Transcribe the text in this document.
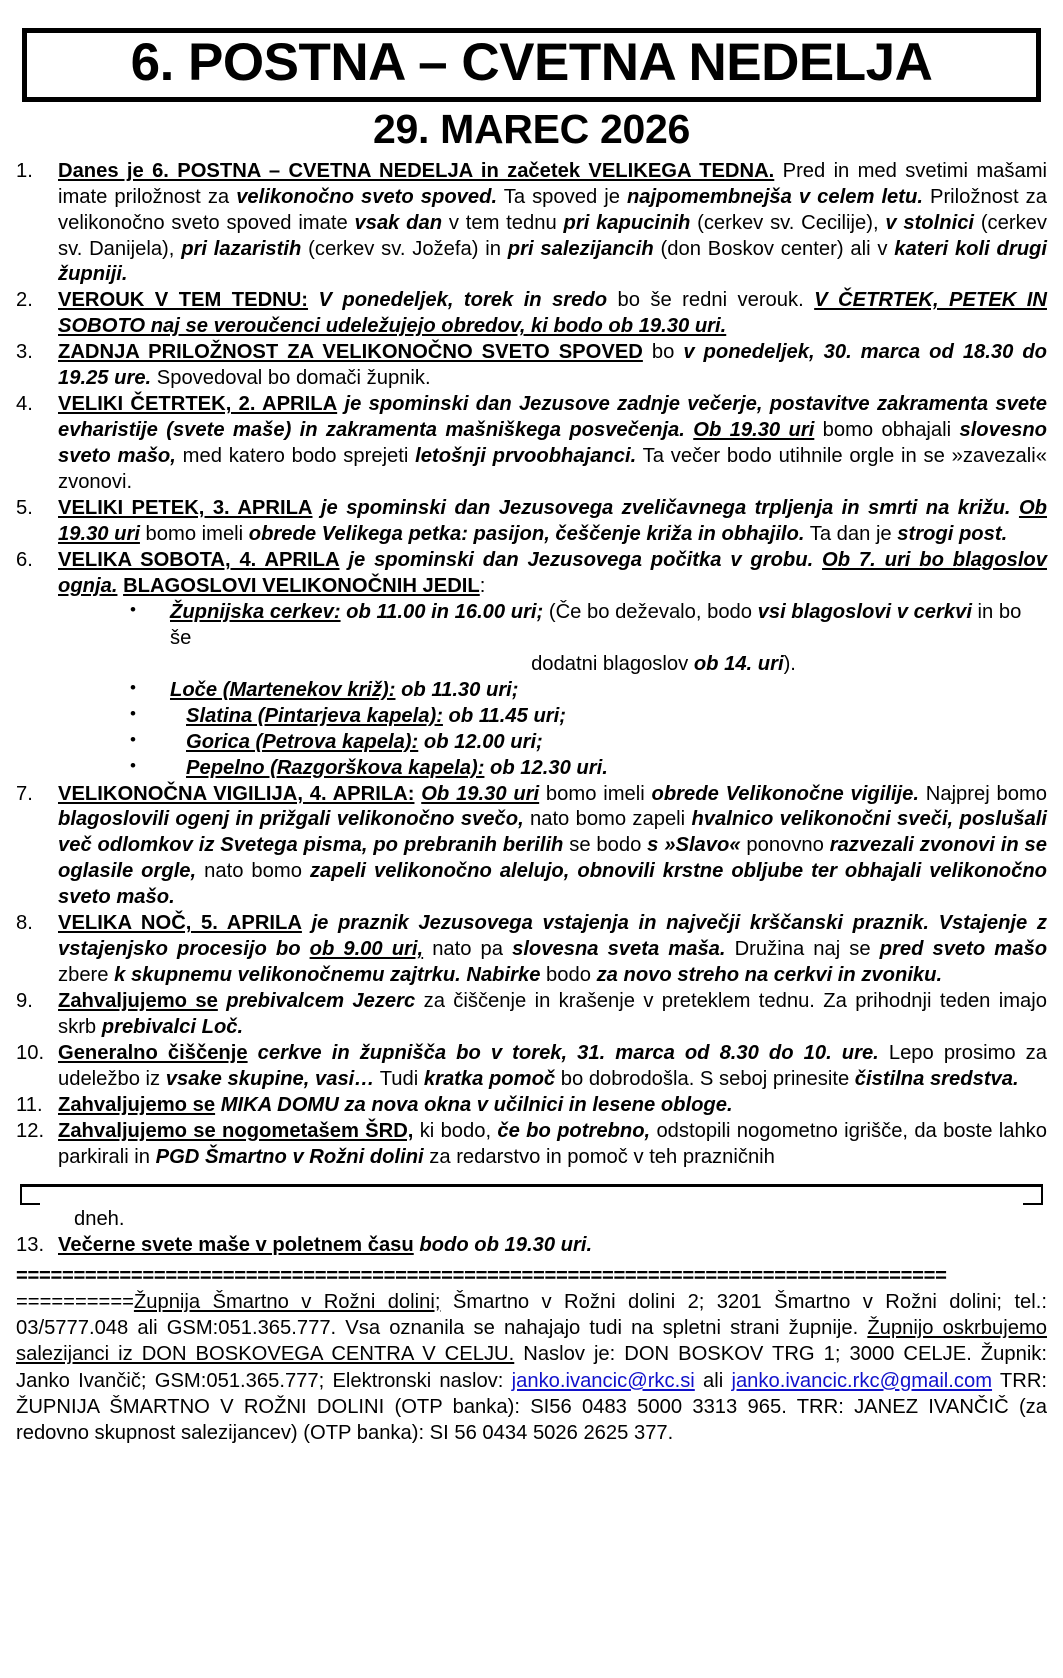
6. POSTNA – CVETNA NEDELJA
29. MAREC 2026
1.	Danes je 6. POSTNA – CVETNA NEDELJA in začetek VELIKEGA TEDNA. Pred in med svetimi mašami imate priložnost za velikonočno sveto spoved. Ta spoved je najpomembnejša v celem letu. Priložnost za velikonočno sveto spoved imate vsak dan v tem tednu pri kapucinih (cerkev sv. Cecilije), v stolnici (cerkev sv. Danijela), pri lazaristih (cerkev sv. Jožefa) in pri salezijancih (don Boskov center) ali v kateri koli drugi župniji.
2.	VEROUK V TEM TEDNU: V ponedeljek, torek in sredo bo še redni verouk. V ČETRTEK, PETEK IN SOBOTO naj se veroučenci udeležujejo obredov, ki bodo ob 19.30 uri.
3.	ZADNJA PRILOŽNOST ZA VELIKONOČNO SVETO SPOVED bo v ponedeljek, 30. marca od 18.30 do 19.25 ure. Spovedoval bo domači župnik.
4.	VELIKI ČETRTEK, 2. APRILA je spominski dan Jezusove zadnje večerje, postavitve zakramenta svete evharistije (svete maše) in zakramenta mašniškega posvečenja. Ob 19.30 uri bomo obhajali slovesno sveto mašo, med katero bodo sprejeti letošnji prvoobhajanci. Ta večer bodo utihnile orgle in se »zavezali« zvonovi.
5.	VELIKI PETEK, 3. APRILA je spominski dan Jezusovega zveličavnega trpljenja in smrti na križu. Ob 19.30 uri bomo imeli obrede Velikega petka: pasijon, češčenje križa in obhajilo. Ta dan je strogi post.
6.	VELIKA SOBOTA, 4. APRILA je spominski dan Jezusovega počitka v grobu. Ob 7. uri bo blagoslov ognja. BLAGOSLOVI VELIKONOČNIH JEDIL:
• Župnijska cerkev: ob 11.00 in 16.00 uri; (Če bo deževalo, bodo vsi blagoslovi v cerkvi in bo še
dodatni blagoslov ob 14. uri).
• Loče (Martenekov križ): ob 11.30 uri;
• Slatina (Pintarjeva kapela): ob 11.45 uri;
• Gorica (Petrova kapela): ob 12.00 uri;
• Pepelno (Razgorškova kapela): ob 12.30 uri.
7.	VELIKONOČNA VIGILIJA, 4. APRILA: Ob 19.30 uri bomo imeli obrede Velikonočne vigilije. Najprej bomo blagoslovili ogenj in prižgali velikonočno svečo, nato bomo zapeli hvalnico velikonočni sveči, poslušali več odlomkov iz Svetega pisma, po prebranih berilih se bodo s »Slavo« ponovno razvezali zvonovi in se oglasile orgle, nato bomo zapeli velikonočno alelujo, obnovili krstne obljube ter obhajali velikonočno sveto mašo.
8.	VELIKA NOČ, 5. APRILA je praznik Jezusovega vstajenja in največji krščanski praznik. Vstajenje z vstajenjsko procesijo bo ob 9.00 uri, nato pa slovesna sveta maša. Družina naj se pred sveto mašo zbere k skupnemu velikonočnemu zajtrku. Nabirke bodo za novo streho na cerkvi in zvoniku.
9.	Zahvaljujemo se prebivalcem Jezerc za čiščenje in krašenje v preteklem tednu. Za prihodnji teden imajo skrb prebivalci Loč.
10. Generalno čiščenje cerkve in župnišča bo v torek, 31. marca od 8.30 do 10. ure. Lepo prosimo za udeležbo iz vsake skupine, vasi… Tudi kratka pomoč bo dobrodošla. S seboj prinesite čistilna sredstva.
11. Zahvaljujemo se MIKA DOMU za nova okna v učilnici in lesene obloge.
12. Zahvaljujemo se nogometašem ŠRD, ki bodo, če bo potrebno, odstopili nogometno igrišče, da boste lahko parkirali in PGD Šmartno v Rožni dolini za redarstvo in pomoč v teh prazničnih
dneh.
13. Večerne svete maše v poletnem času bodo ob 19.30 uri.
=================================================================================
==========Župnija Šmartno v Rožni dolini; Šmartno v Rožni dolini 2; 3201 Šmartno v Rožni dolini; tel.: 03/5777.048 ali GSM:051.365.777. Vsa oznanila se nahajajo tudi na spletni strani župnije. Župnijo oskrbujemo salezijanci iz DON BOSKOVEGA CENTRA V CELJU. Naslov je: DON BOSKOV TRG 1; 3000 CELJE. Župnik: Janko Ivančič; GSM:051.365.777; Elektronski naslov: janko.ivancic@rkc.si ali janko.ivancic.rkc@gmail.com TRR: ŽUPNIJA ŠMARTNO V ROŽNI DOLINI (OTP banka): SI56 0483 5000 3313 965. TRR: JANEZ IVANČIČ (za redovno skupnost salezijancev) (OTP banka): SI 56 0434 5026 2625 377.
